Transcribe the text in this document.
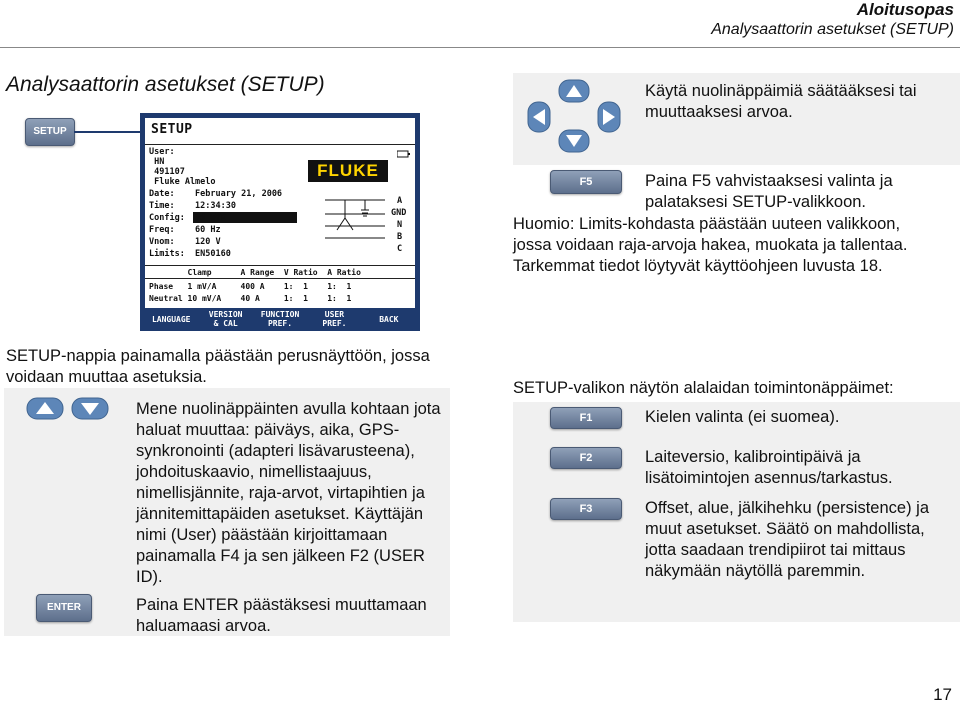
Aloitusopas
Analysaattorin asetukset (SETUP)
Analysaattorin asetukset (SETUP)
SETUP	SETUP
User:
HN
491107
Fluke Almelo
Date:    February 21, 2006
Time:    12:34:30
Config:  3Ø WYE
Freq:    60 Hz
Vnom:    120 V
Limits:  EN50160
FLUKE
A
GND
N
B
C
Clamp      A Range  V Ratio  A Ratio
Phase   1 mV/A     400 A    1:  1    1:  1
Neutral 10 mV/A    40 A     1:  1    1:  1
LANGUAGE	VERSION
& CAL
FUNCTION
PREF.
USER
PREF.	BACK
Käytä nuolinäppäimiä säätääksesi tai muuttaaksesi arvoa.
F5	Paina F5 vahvistaaksesi valinta ja palataksesi SETUP-valikkoon.
Huomio: Limits-kohdasta päästään uuteen valikkoon, jossa voidaan raja-arvoja hakea, muokata ja tallentaa. Tarkemmat tiedot löytyvät käyttöohjeen luvusta 18.
SETUP-nappia painamalla päästään perusnäyttöön, jossa voidaan muuttaa asetuksia.
Mene nuolinäppäinten avulla kohtaan jota haluat muuttaa: päiväys, aika, GPS-synkronointi (adapteri lisävarusteena), johdoituskaavio, nimellistaajuus, nimellisjännite, raja-arvot, virtapihtien ja jännitemittapäiden asetukset. Käyttäjän nimi (User) päästään kirjoittamaan painamalla F4 ja sen jälkeen F2 (USER ID).
ENTER	Paina ENTER päästäksesi muuttamaan haluamaasi arvoa.
SETUP-valikon näytön alalaidan toimintonäppäimet:
F1	Kielen valinta (ei suomea).
F2	Laiteversio, kalibrointipäivä ja lisätoimintojen asennus/tarkastus.
F3	Offset, alue, jälkihehku (persistence) ja muut asetukset. Säätö on mahdollista, jotta saadaan trendipiirot tai mittaus näkymään näytöllä paremmin.
17
